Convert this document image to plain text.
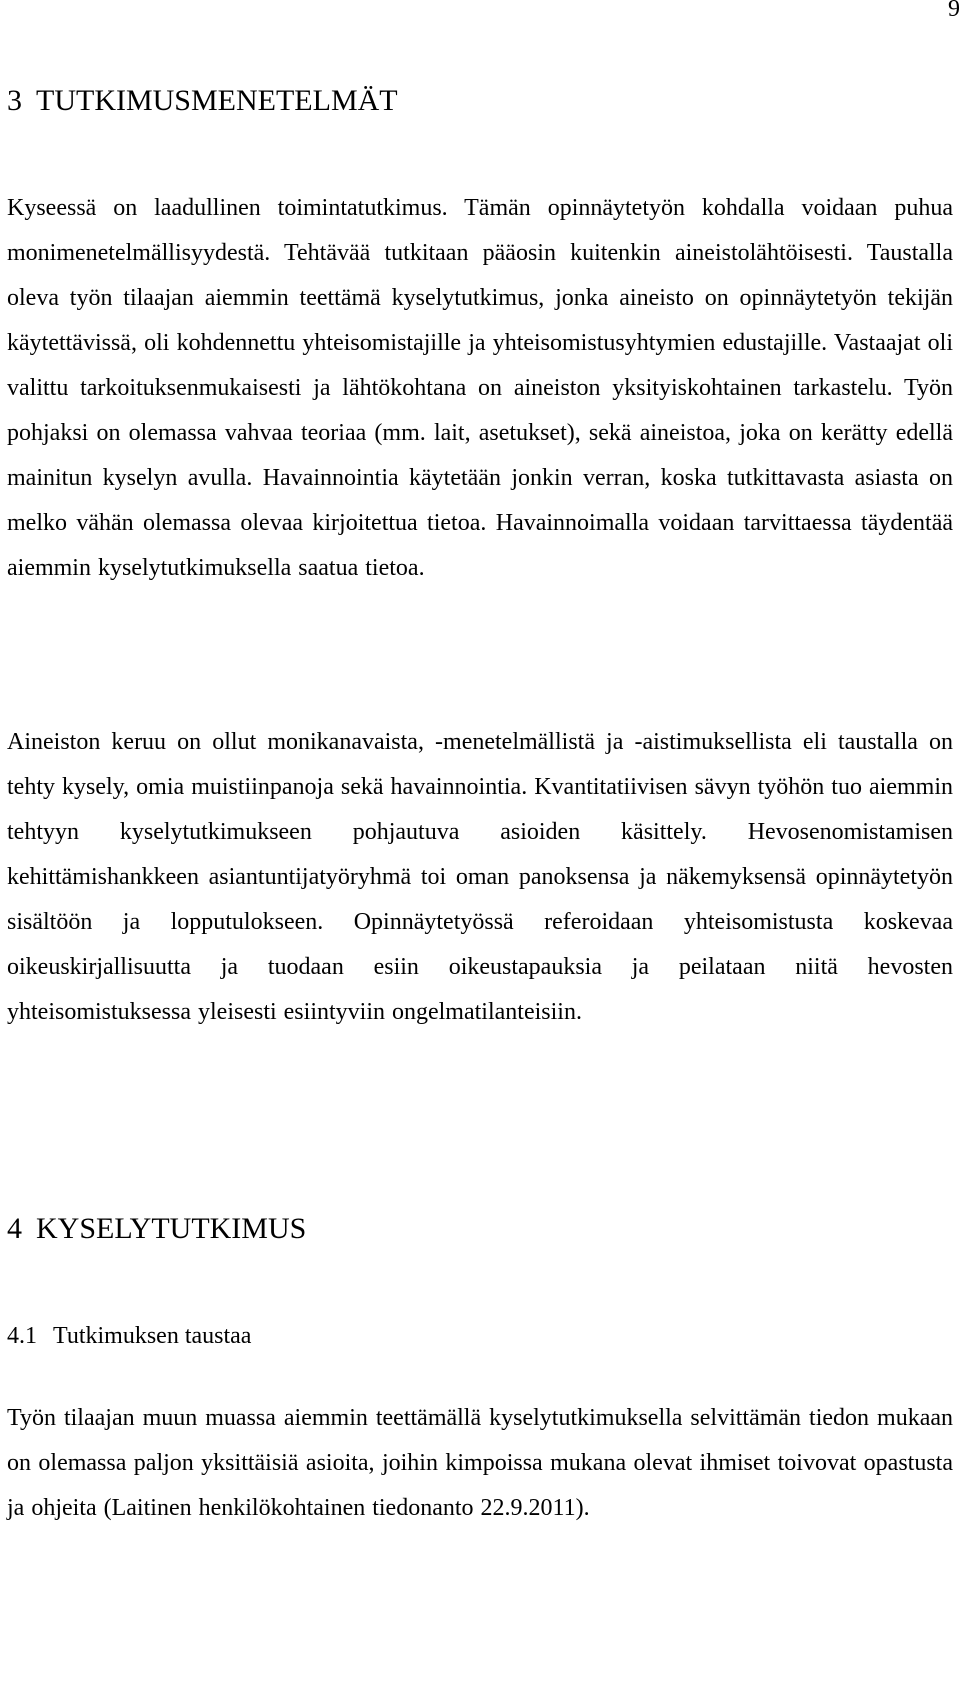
9
3 TUTKIMUSMENETELMÄT

Kyseessä on laadullinen toimintatutkimus. Tämän opinnäytetyön kohdalla voidaan puhua monimenetelmällisyydestä. Tehtävää tutkitaan pääosin kuitenkin aineistolähtöisesti. Taustalla oleva työn tilaajan aiemmin teettämä kyselytutkimus, jonka aineisto on opinnäytetyön tekijän käytettävissä, oli kohdennettu yhteisomistajille ja yhteisomistusyhtymien edustajille. Vastaajat oli valittu tarkoituksenmukaisesti ja lähtökohtana on aineiston yksityiskohtainen tarkastelu. Työn pohjaksi on olemassa vahvaa teoriaa (mm. lait, asetukset), sekä aineistoa, joka on kerätty edellä mainitun kyselyn avulla. Havainnointia käytetään jonkin verran, koska tutkittavasta asiasta on melko vähän olemassa olevaa kirjoitettua tietoa. Havainnoimalla voidaan tarvittaessa täydentää aiemmin kyselytutkimuksella saatua tietoa.

Aineiston keruu on ollut monikanavaista, -menetelmällistä ja -aistimuksellista eli taustalla on tehty kysely, omia muistiinpanoja sekä havainnointia. Kvantitatiivisen sävyn työhön tuo aiemmin tehtyyn kyselytutkimukseen pohjautuva asioiden käsittely. Hevosenomistamisen kehittämishankkeen asiantuntijatyöryhmä toi oman panoksensa ja näkemyksensä opinnäytetyön sisältöön ja lopputulokseen. Opinnäytetyössä referoidaan yhteisomistusta koskevaa oikeuskirjallisuutta ja tuodaan esiin oikeustapauksia ja peilataan niitä hevosten yhteisomistuksessa yleisesti esiintyviin ongelmatilanteisiin.

4 KYSELYTUTKIMUS
4.1 Tutkimuksen taustaa

Työn tilaajan muun muassa aiemmin teettämällä kyselytutkimuksella selvittämän tiedon mukaan on olemassa paljon yksittäisiä asioita, joihin kimpoissa mukana olevat ihmiset toivovat opastusta ja ohjeita (Laitinen henkilökohtainen tiedonanto 22.9.2011).
